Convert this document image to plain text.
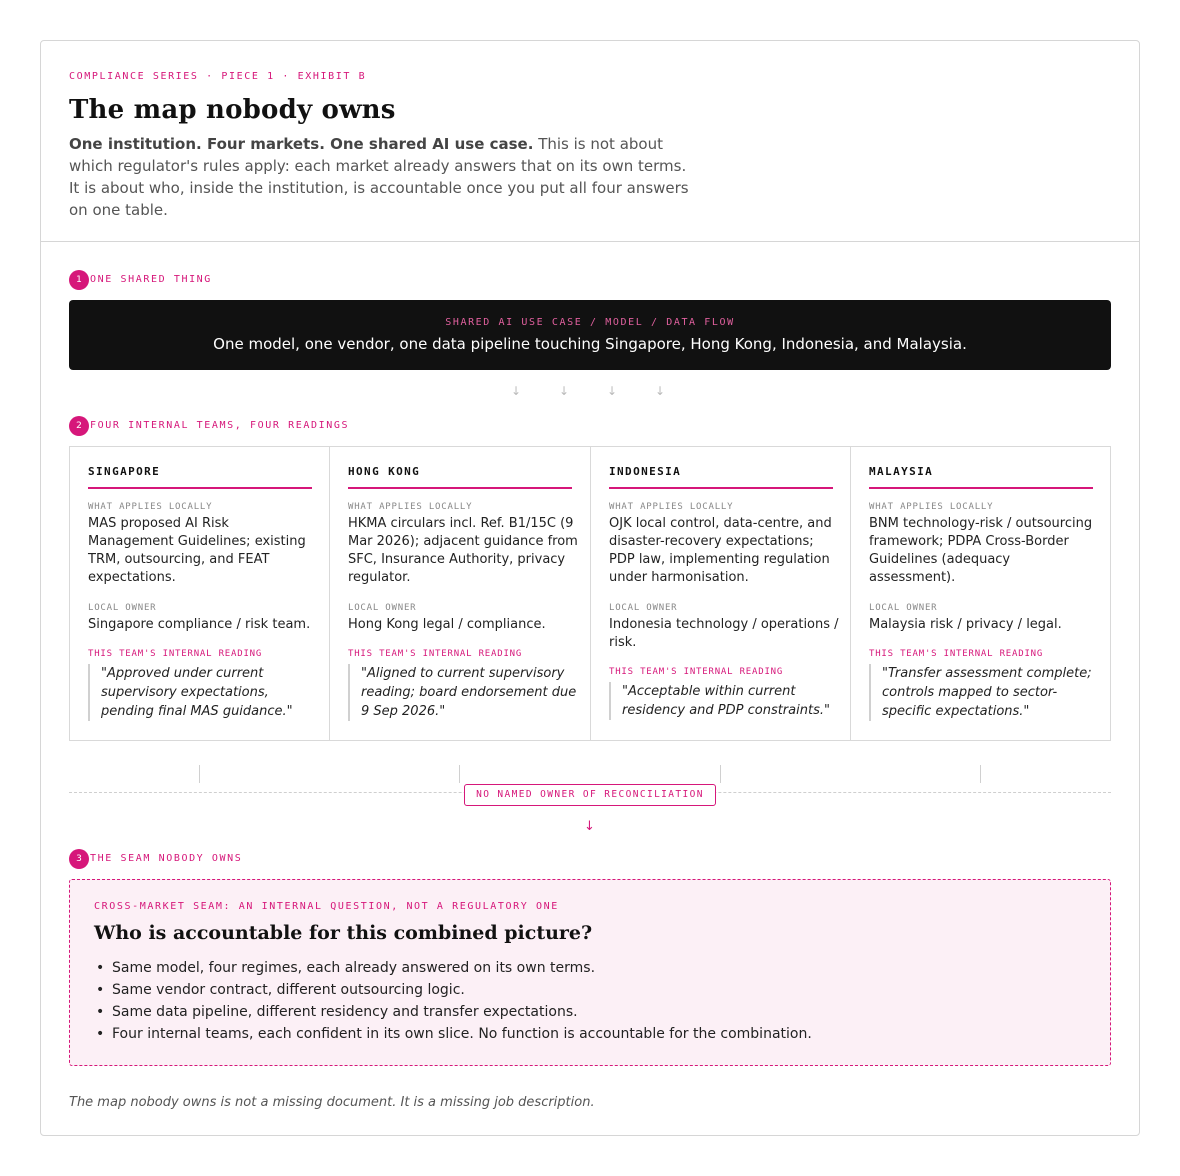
COMPLIANCE SERIES · PIECE 1 · EXHIBIT B
The map nobody owns
One institution. Four markets. One shared AI use case. This is not about which regulator's rules apply: each market already answers that on its own terms. It is about who, inside the institution, is accountable once you put all four answers on one table.
1 ONE SHARED THING
SHARED AI USE CASE / MODEL / DATA FLOW
One model, one vendor, one data pipeline touching Singapore, Hong Kong, Indonesia, and Malaysia.
↓	↓	↓	↓
2 FOUR INTERNAL TEAMS, FOUR READINGS
SINGAPORE
WHAT APPLIES LOCALLY
MAS proposed AI Risk Management Guidelines; existing TRM, outsourcing, and FEAT expectations.
LOCAL OWNER
Singapore compliance / risk team.
THIS TEAM'S INTERNAL READING
"Approved under current supervisory expectations, pending final MAS guidance."
HONG KONG
WHAT APPLIES LOCALLY
HKMA circulars incl. Ref. B1/15C (9 Mar 2026); adjacent guidance from SFC, Insurance Authority, privacy regulator.
LOCAL OWNER
Hong Kong legal / compliance.
THIS TEAM'S INTERNAL READING
"Aligned to current supervisory reading; board endorsement due 9 Sep 2026."
INDONESIA
WHAT APPLIES LOCALLY
OJK local control, data-centre, and disaster-recovery expectations; PDP law, implementing regulation under harmonisation.
LOCAL OWNER
Indonesia technology / operations / risk.
THIS TEAM'S INTERNAL READING
"Acceptable within current residency and PDP constraints."
MALAYSIA
WHAT APPLIES LOCALLY
BNM technology-risk / outsourcing framework; PDPA Cross-Border Guidelines (adequacy assessment).
LOCAL OWNER
Malaysia risk / privacy / legal.
THIS TEAM'S INTERNAL READING
"Transfer assessment complete; controls mapped to sector-specific expectations."
NO NAMED OWNER OF RECONCILIATION
↓
3 THE SEAM NOBODY OWNS
CROSS-MARKET SEAM: AN INTERNAL QUESTION, NOT A REGULATORY ONE
Who is accountable for this combined picture?
• Same model, four regimes, each already answered on its own terms.
• Same vendor contract, different outsourcing logic.
• Same data pipeline, different residency and transfer expectations.
• Four internal teams, each confident in its own slice. No function is accountable for the combination.
The map nobody owns is not a missing document. It is a missing job description.
